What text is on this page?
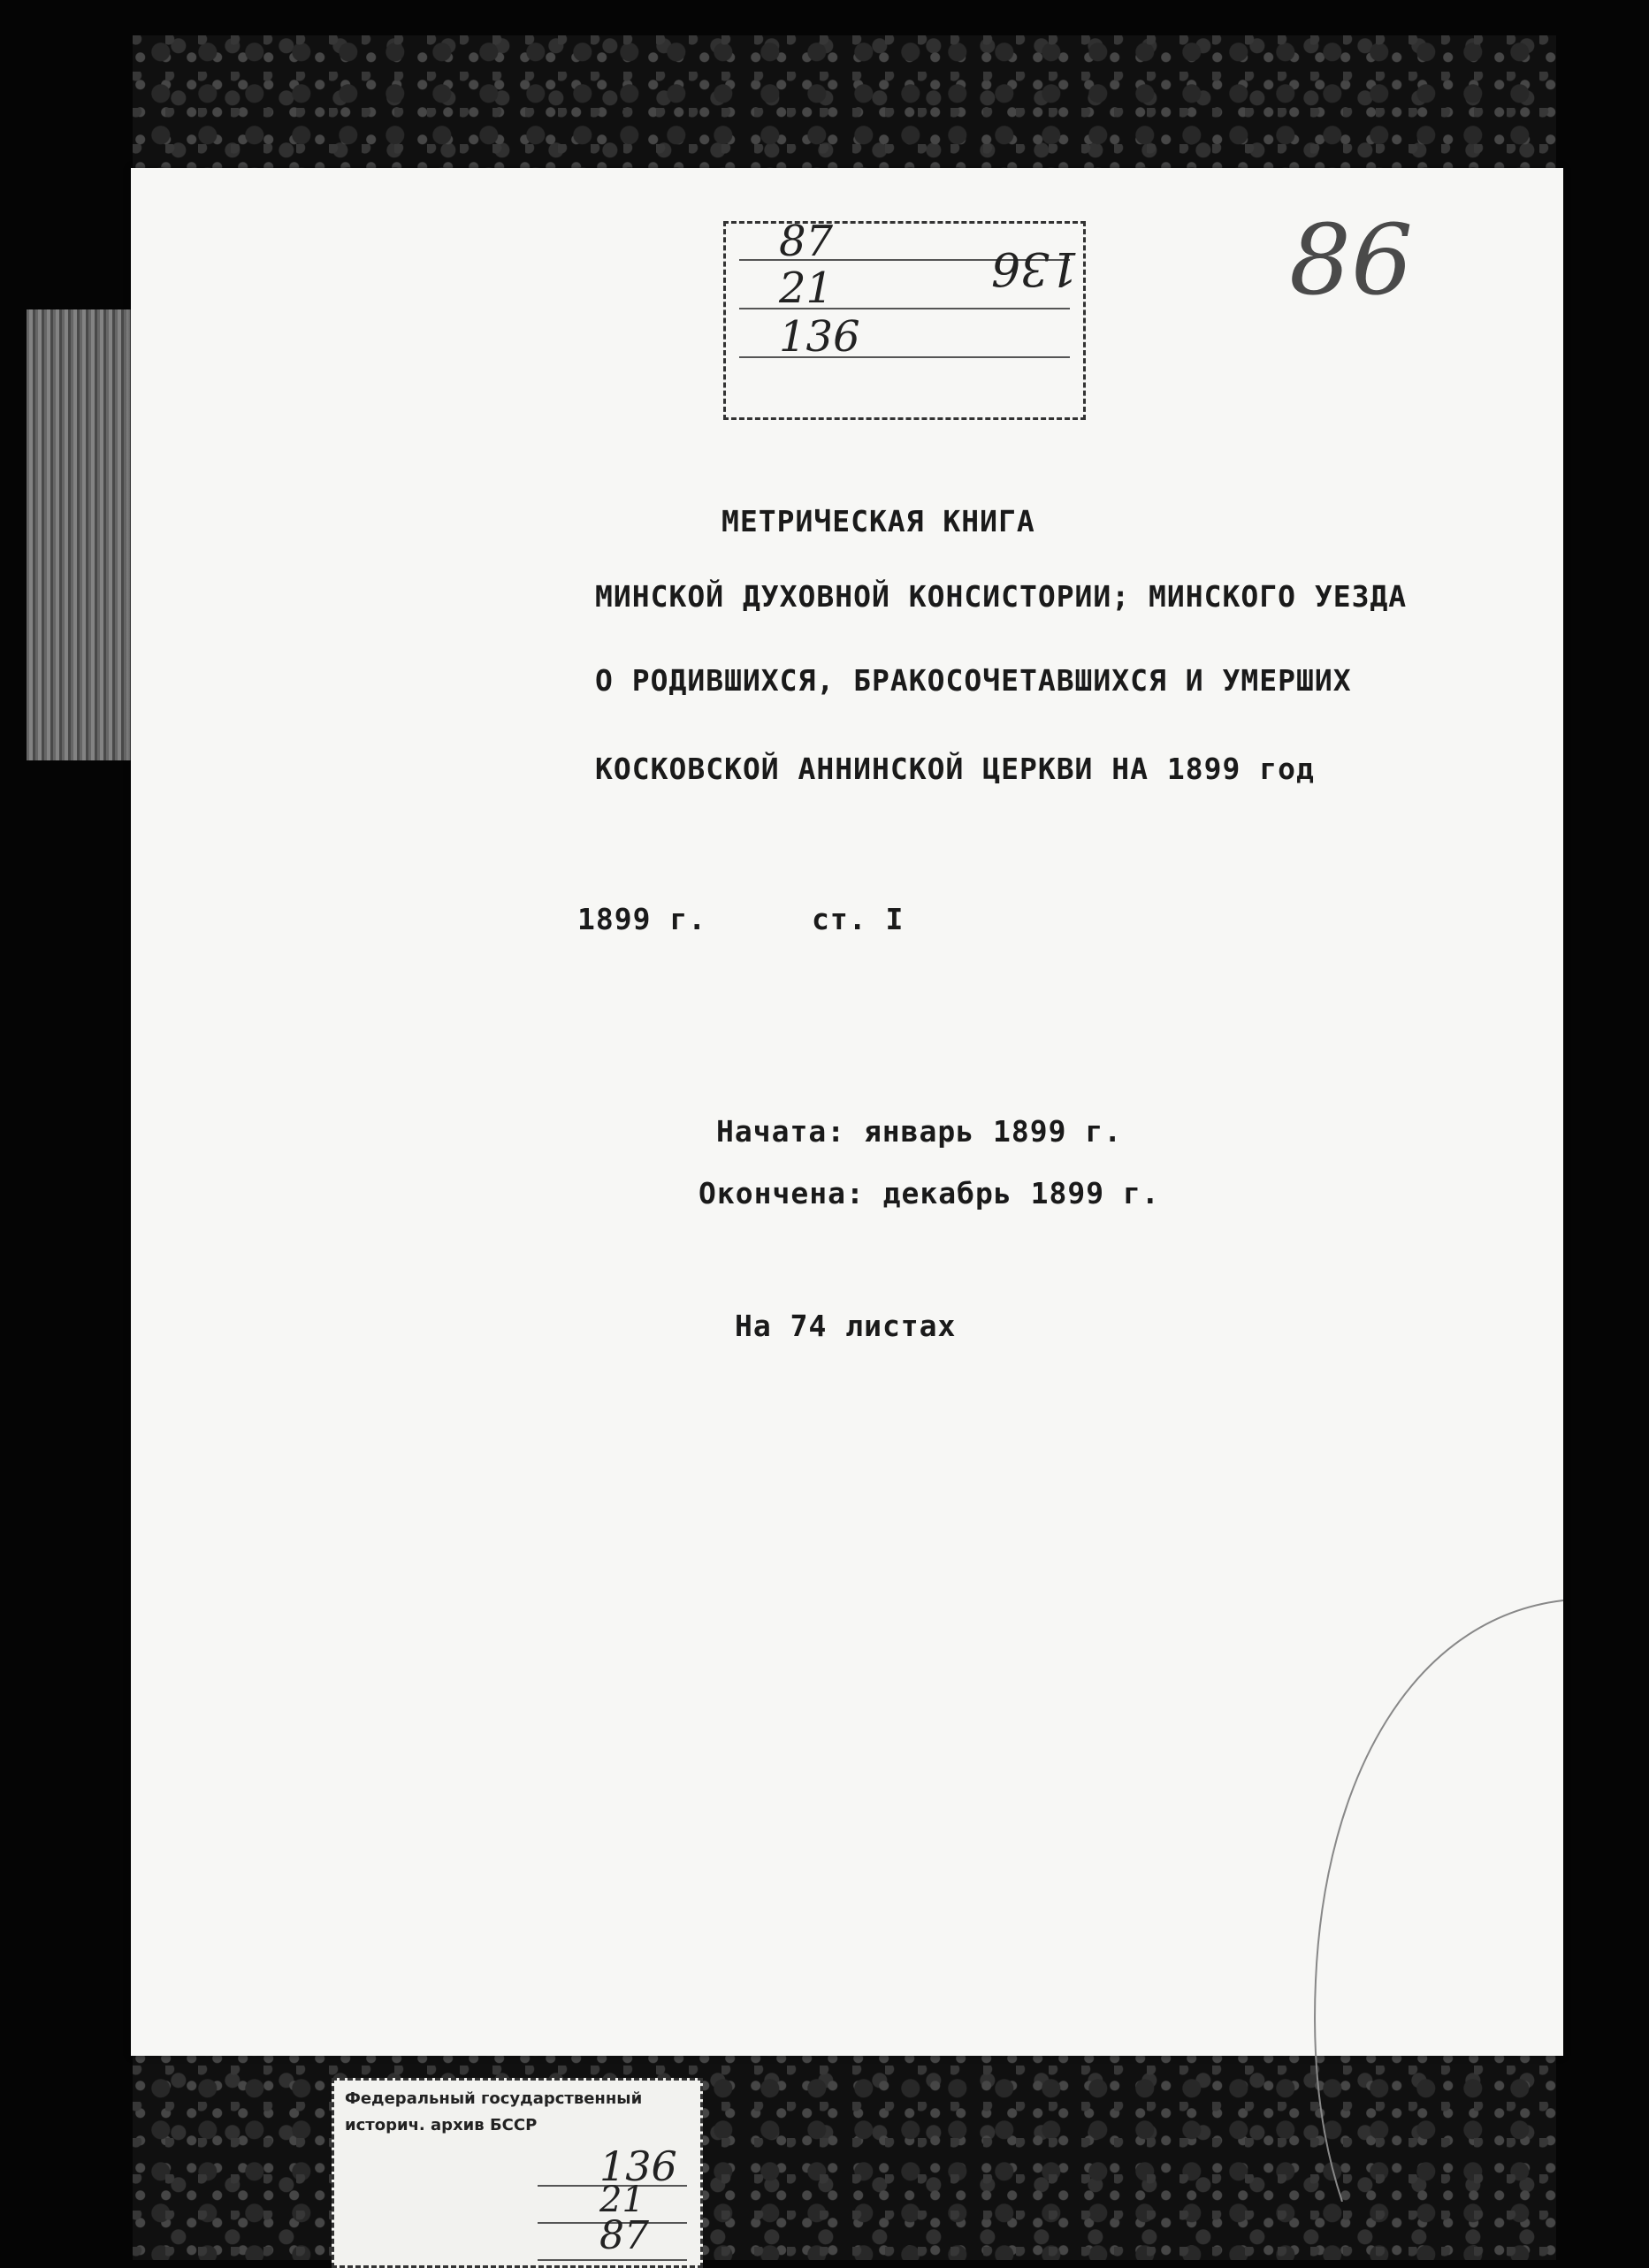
87
21
136
136 86
МЕТРИЧЕСКАЯ КНИГА
МИНСКОЙ ДУХОВНОЙ КОНСИСТОРИИ; МИНСКОГО УЕЗДА
О РОДИВШИХСЯ, БРАКОСОЧЕТАВШИХСЯ И УМЕРШИХ
КОСКОВСКОЙ АННИНСКОЙ ЦЕРКВИ НА 1899 год
1899 г.	ст. I
Начата: январь 1899 г.
Окончена: декабрь 1899 г.
На 74 листах
Федеральный государственный
историч. архив БССР
136
21
87
